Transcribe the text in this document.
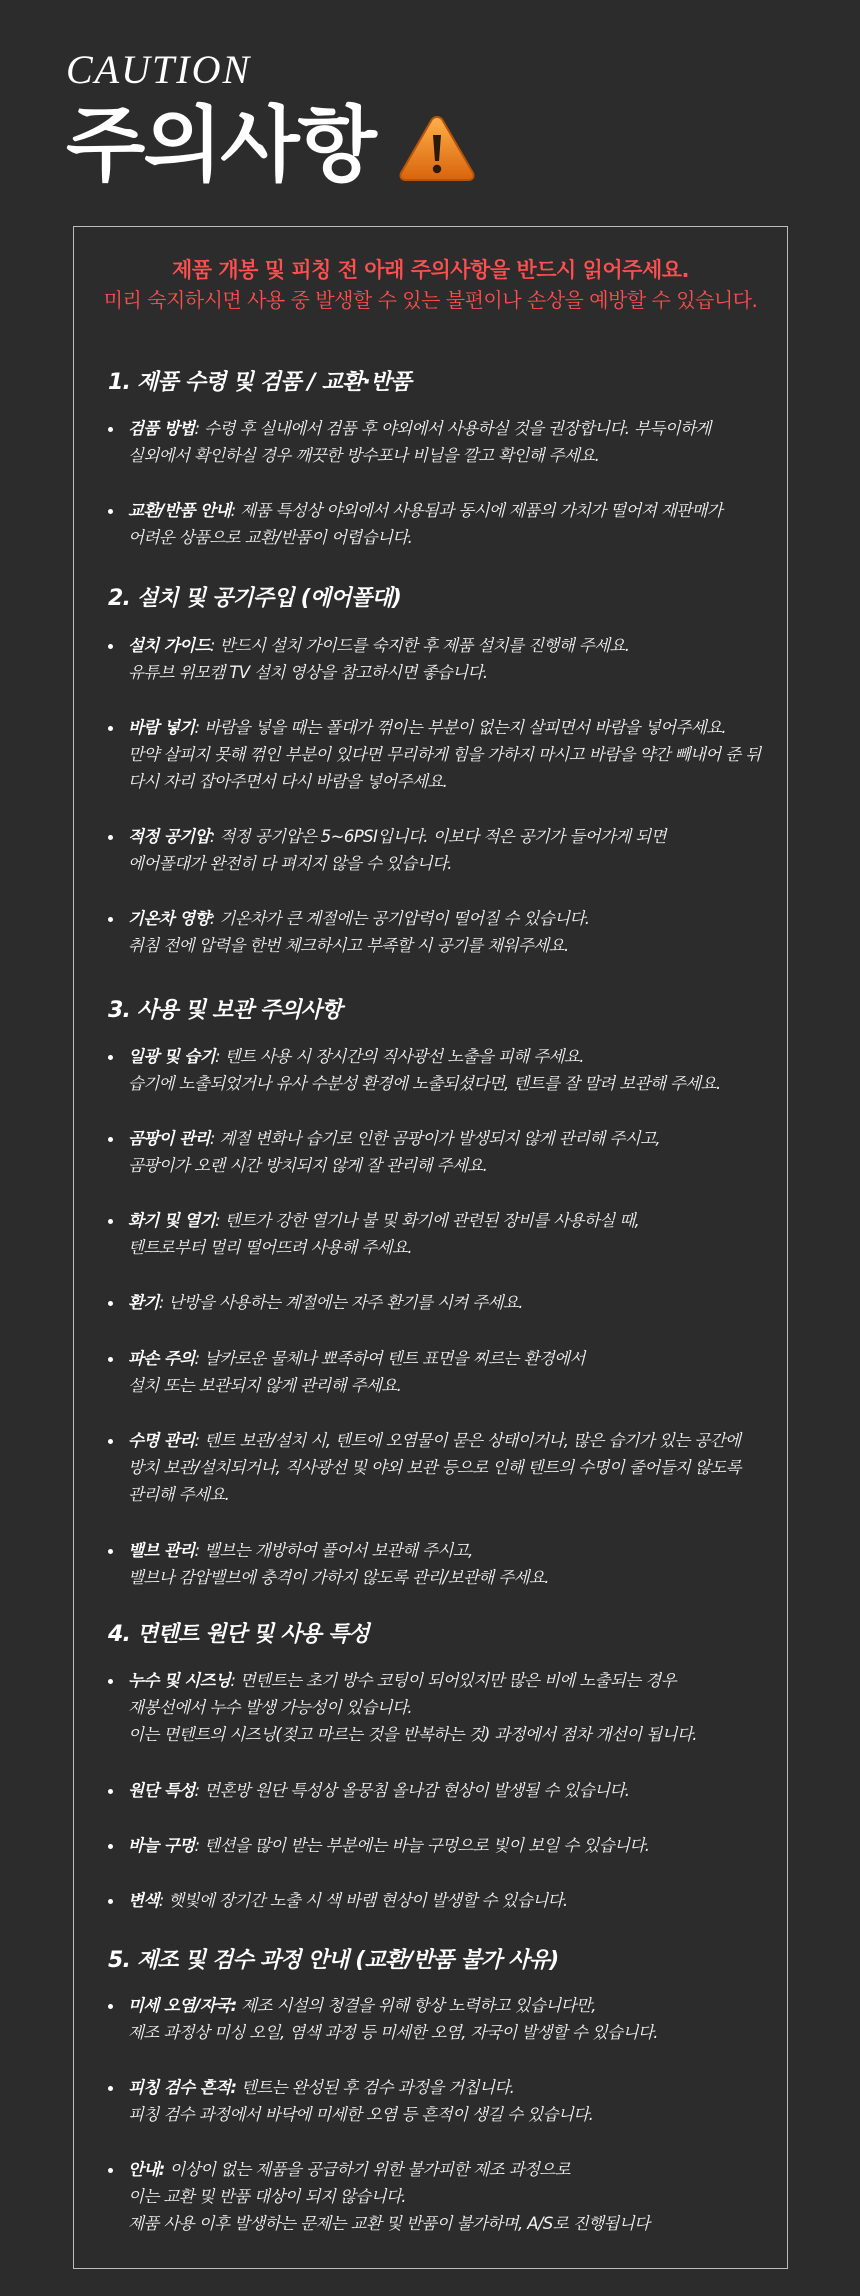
CAUTION
주의사항
제품 개봉 및 피칭 전 아래 주의사항을 반드시 읽어주세요.
미리 숙지하시면 사용 중 발생할 수 있는 불편이나 손상을 예방할 수 있습니다.
1. 제품 수령 및 검품 / 교환·반품
검품 방법: 수령 후 실내에서 검품 후 야외에서 사용하실 것을 권장합니다. 부득이하게
실외에서 확인하실 경우 깨끗한 방수포나 비닐을 깔고 확인해 주세요.
교환/반품 안내: 제품 특성상 야외에서 사용됨과 동시에 제품의 가치가 떨어져 재판매가
어려운 상품으로 교환/반품이 어렵습니다.
2. 설치 및 공기주입 (에어폴대)
설치 가이드: 반드시 설치 가이드를 숙지한 후 제품 설치를 진행해 주세요.
유튜브 위모캠 TV 설치 영상을 참고하시면 좋습니다.
바람 넣기: 바람을 넣을 때는 폴대가 꺾이는 부분이 없는지 살피면서 바람을 넣어주세요.
만약 살피지 못해 꺾인 부분이 있다면 무리하게 힘을 가하지 마시고 바람을 약간 빼내어 준 뒤
다시 자리 잡아주면서 다시 바람을 넣어주세요.
적정 공기압: 적정 공기압은 5~6PSI입니다. 이보다 적은 공기가 들어가게 되면
에어폴대가 완전히 다 펴지지 않을 수 있습니다.
기온차 영향: 기온차가 큰 계절에는 공기압력이 떨어질 수 있습니다.
취침 전에 압력을 한번 체크하시고 부족할 시 공기를 채워주세요.
3. 사용 및 보관 주의사항
일광 및 습기: 텐트 사용 시 장시간의 직사광선 노출을 피해 주세요.
습기에 노출되었거나 유사 수분성 환경에 노출되셨다면, 텐트를 잘 말려 보관해 주세요.
곰팡이 관리: 계절 변화나 습기로 인한 곰팡이가 발생되지 않게 관리해 주시고,
곰팡이가 오랜 시간 방치되지 않게 잘 관리해 주세요.
화기 및 열기: 텐트가 강한 열기나 불 및 화기에 관련된 장비를 사용하실 때,
텐트로부터 멀리 떨어뜨려 사용해 주세요.
환기: 난방을 사용하는 계절에는 자주 환기를 시켜 주세요.
파손 주의: 날카로운 물체나 뾰족하여 텐트 표면을 찌르는 환경에서
설치 또는 보관되지 않게 관리해 주세요.
수명 관리: 텐트 보관/설치 시, 텐트에 오염물이 묻은 상태이거나, 많은 습기가 있는 공간에
방치 보관/설치되거나, 직사광선 및 야외 보관 등으로 인해 텐트의 수명이 줄어들지 않도록
관리해 주세요.
밸브 관리: 밸브는 개방하여 풀어서 보관해 주시고,
밸브나 감압밸브에 충격이 가하지 않도록 관리/보관해 주세요.
4. 면텐트 원단 및 사용 특성
누수 및 시즈닝: 면텐트는 초기 방수 코팅이 되어있지만 많은 비에 노출되는 경우
재봉선에서 누수 발생 가능성이 있습니다.
이는 면텐트의 시즈닝(젖고 마르는 것을 반복하는 것) 과정에서 점차 개선이 됩니다.
원단 특성: 면혼방 원단 특성상 올뭉침 올나감 현상이 발생될 수 있습니다.
바늘 구멍: 텐션을 많이 받는 부분에는 바늘 구멍으로 빛이 보일 수 있습니다.
변색: 햇빛에 장기간 노출 시 색 바램 현상이 발생할 수 있습니다.
5. 제조 및 검수 과정 안내 (교환/반품 불가 사유)
미세 오염/자국: 제조 시설의 청결을 위해 항상 노력하고 있습니다만,
제조 과정상 미싱 오일, 염색 과정 등 미세한 오염, 자국이 발생할 수 있습니다.
피칭 검수 흔적: 텐트는 완성된 후 검수 과정을 거칩니다.
피칭 검수 과정에서 바닥에 미세한 오염 등 흔적이 생길 수 있습니다.
안내: 이상이 없는 제품을 공급하기 위한 불가피한 제조 과정으로
이는 교환 및 반품 대상이 되지 않습니다.
제품 사용 이후 발생하는 문제는 교환 및 반품이 불가하며, A/S로 진행됩니다
